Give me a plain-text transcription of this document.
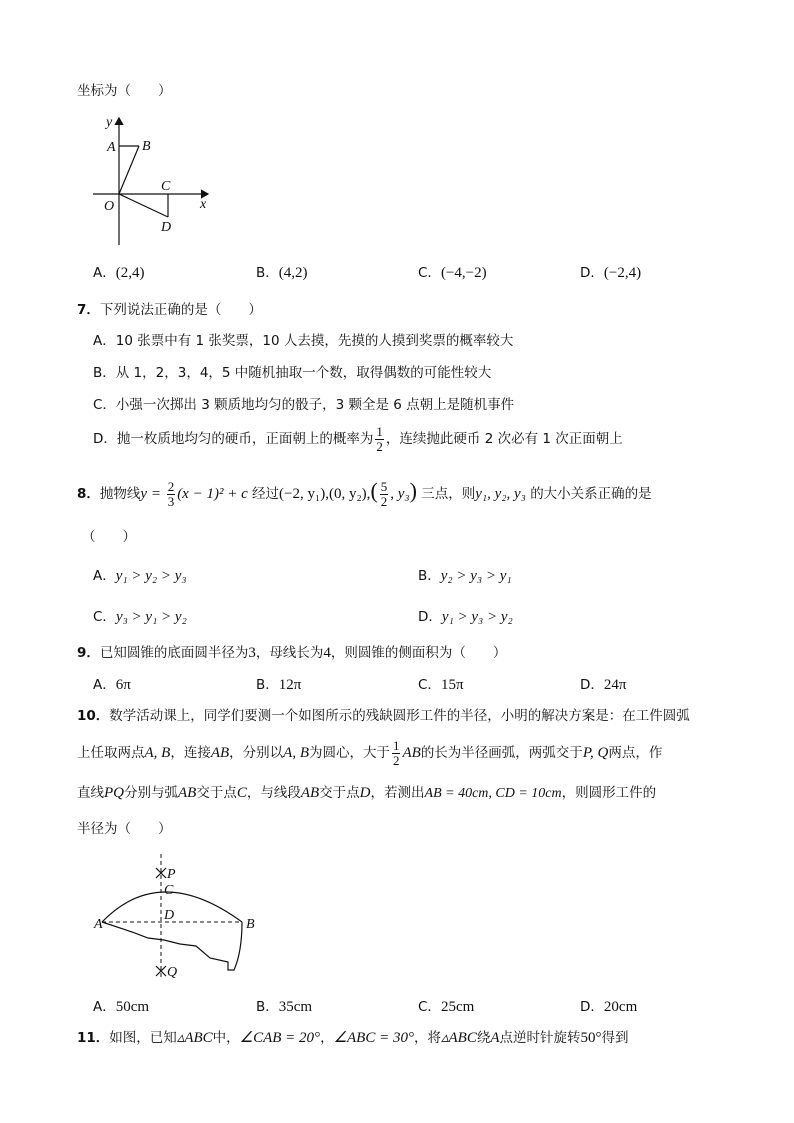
坐标为（　　）
y
A B
C
O	x
D
A．(2,4)	B．(4,2)	C．(−4,−2)	D．(−2,4)
7．下列说法正确的是（　　）
A．10 张票中有 1 张奖票，10 人去摸，先摸的人摸到奖票的概率较大
B．从 1，2，3，4，5 中随机抽取一个数，取得偶数的可能性较大
C．小强一次掷出 3 颗质地均匀的骰子，3 颗全是 6 点朝上是随机事件
D．抛一枚质地均匀的硬币，正面朝上的概率为 $\frac{1}{2}$ ，连续抛此硬币 2 次必有 1 次正面朝上
8．抛物线$y = \frac{2}{3} (x - 1)^2 + c$ 经过(−2, y₁),(0, $y_2),( \frac{5}{2}$ , y₃) 三点，则y₁, y₂, y₃ 的大小关系正确的是
（　　）
A．y₁ > y₂ > y₃	B．y₂ > y₃ > y₁
C．y₃ > y₁ > y₂	D．y₁ > y₃ > y₂
9．已知圆锥的底面圆半径为3，母线长为4，则圆锥的侧面积为（　　）
A．6π	B．12π	C．15π	D．24π
10．数学活动课上，同学们要测一个如图所示的残缺圆形工件的半径，小明的解决方案是：在工件圆弧
上任取两点A, B，连接AB，分别以A, B为圆心，大于 $\frac{1}{2}$ AB的长为半径画弧，两弧交于P, Q两点，作
直线PQ分别与弧AB交于点C，与线段AB交于点D，若测出AB = 40cm, CD = 10cm，则圆形工件的
半径为（　　）
P
C
D
A	B
Q
A．50cm	B．35cm	C．25cm	D．20cm
11．如图，已知▵ABC中，∠CAB = 20°，∠ABC = 30°，将▵ABC绕A点逆时针旋转50°得到
